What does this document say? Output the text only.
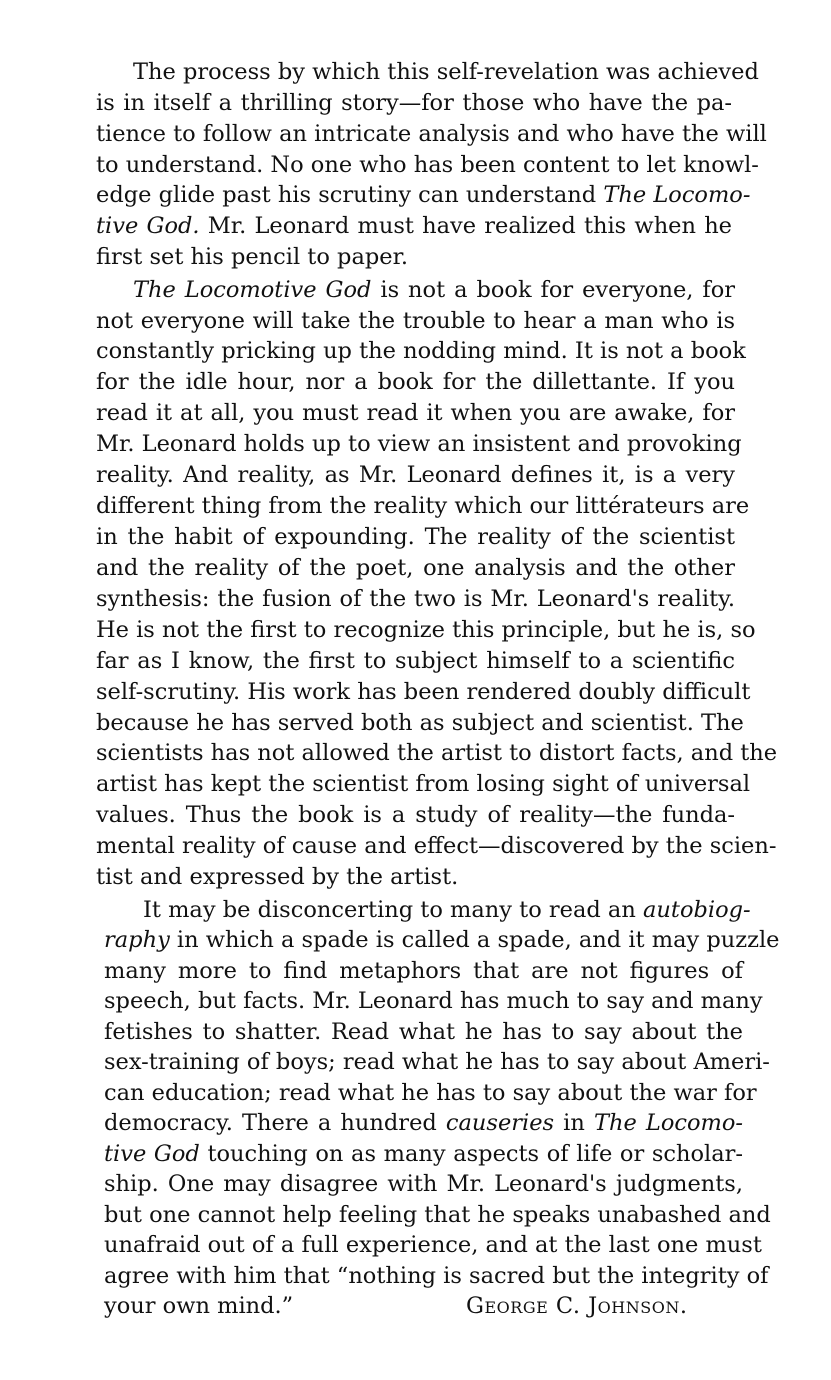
The process by which this self-revelation was achieved

is in itself a thrilling story—for those who have the pa-

tience to follow an intricate analysis and who have the will

to understand. No one who has been content to let knowl-

edge glide past his scrutiny can understand The Locomo-

tive God. Mr. Leonard must have realized this when he

first set his pencil to paper.

The Locomotive God is not a book for everyone, for

not everyone will take the trouble to hear a man who is

constantly pricking up the nodding mind. It is not a book

for the idle hour, nor a book for the dillettante. If you

read it at all, you must read it when you are awake, for

Mr. Leonard holds up to view an insistent and provoking

reality. And reality, as Mr. Leonard defines it, is a very

different thing from the reality which our littérateurs are

in the habit of expounding. The reality of the scientist

and the reality of the poet, one analysis and the other

synthesis: the fusion of the two is Mr. Leonard's reality.

He is not the first to recognize this principle, but he is, so

far as I know, the first to subject himself to a scientific

self-scrutiny. His work has been rendered doubly difficult

because he has served both as subject and scientist. The

scientists has not allowed the artist to distort facts, and the

artist has kept the scientist from losing sight of universal

values. Thus the book is a study of reality—the funda-

mental reality of cause and effect—discovered by the scien-

tist and expressed by the artist.

It may be disconcerting to many to read an autobiog-

raphy in which a spade is called a spade, and it may puzzle

many more to find metaphors that are not figures of

speech, but facts. Mr. Leonard has much to say and many

fetishes to shatter. Read what he has to say about the

sex-training of boys; read what he has to say about Ameri-

can education; read what he has to say about the war for

democracy. There a hundred causeries in The Locomo-

tive God touching on as many aspects of life or scholar-

ship. One may disagree with Mr. Leonard's judgments,

but one cannot help feeling that he speaks unabashed and

unafraid out of a full experience, and at the last one must

agree with him that “nothing is sacred but the integrity of

your own mind.”	George C. Johnson.
